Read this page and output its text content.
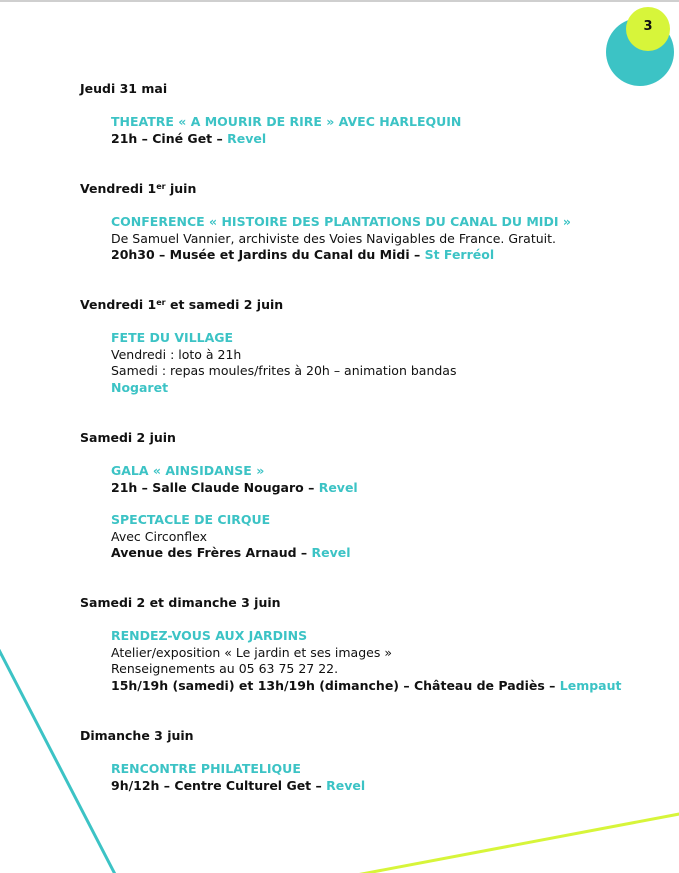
3

Jeudi 31 mai

THEATRE « A MOURIR DE RIRE » AVEC HARLEQUIN
21h – Ciné Get – Revel

Vendredi 1er juin

CONFERENCE « HISTOIRE DES PLANTATIONS DU CANAL DU MIDI »
De Samuel Vannier, archiviste des Voies Navigables de France. Gratuit.
20h30 – Musée et Jardins du Canal du Midi – St Ferréol

Vendredi 1er et samedi 2 juin

FETE DU VILLAGE
Vendredi : loto à 21h
Samedi : repas moules/frites à 20h – animation bandas
Nogaret

Samedi 2 juin

GALA « AINSIDANSE »
21h – Salle Claude Nougaro – Revel
SPECTACLE DE CIRQUE
Avec Circonflex
Avenue des Frères Arnaud – Revel

Samedi 2 et dimanche 3 juin

RENDEZ-VOUS AUX JARDINS
Atelier/exposition « Le jardin et ses images »
Renseignements au 05 63 75 27 22.
15h/19h (samedi) et 13h/19h (dimanche) – Château de Padiès – Lempaut

Dimanche 3 juin

RENCONTRE PHILATELIQUE
9h/12h – Centre Culturel Get – Revel
